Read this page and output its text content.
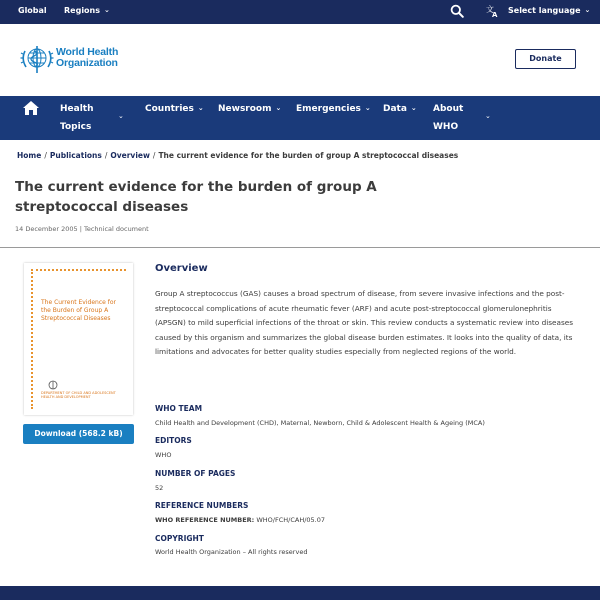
Global Regions ⌄	文
A Select language ⌄
World Health
Organization	Donate
Health
Topics
⌄
Countries ⌄ Newsroom ⌄ Emergencies ⌄ Data ⌄ About
WHO
⌄
Home / Publications / Overview / The current evidence for the burden of group A streptococcal diseases
The current evidence for the burden of group A streptococcal diseases
14 December 2005 | Technical document
The Current Evidence for the Burden of Group A Streptococcal Diseases
DEPARTMENT OF CHILD AND ADOLESCENT HEALTH AND DEVELOPMENT
Download (568.2 kB)
Overview

Group A streptococcus (GAS) causes a broad spectrum of disease, from severe invasive infections and the post-streptococcal complications of acute rheumatic fever (ARF) and acute post-streptococcal glomerulonephritis (APSGN) to mild superficial infections of the throat or skin. This review conducts a systematic review into diseases caused by this organism and summarizes the global disease burden estimates. It looks into the quality of data, its limitations and advocates for better quality studies especially from neglected regions of the world.

WHO TEAM
Child Health and Development (CHD), Maternal, Newborn, Child & Adolescent Health & Ageing (MCA)
EDITORS
WHO
NUMBER OF PAGES
52
REFERENCE NUMBERS
WHO REFERENCE NUMBER: WHO/FCH/CAH/05.07
COPYRIGHT
World Health Organization – All rights reserved
